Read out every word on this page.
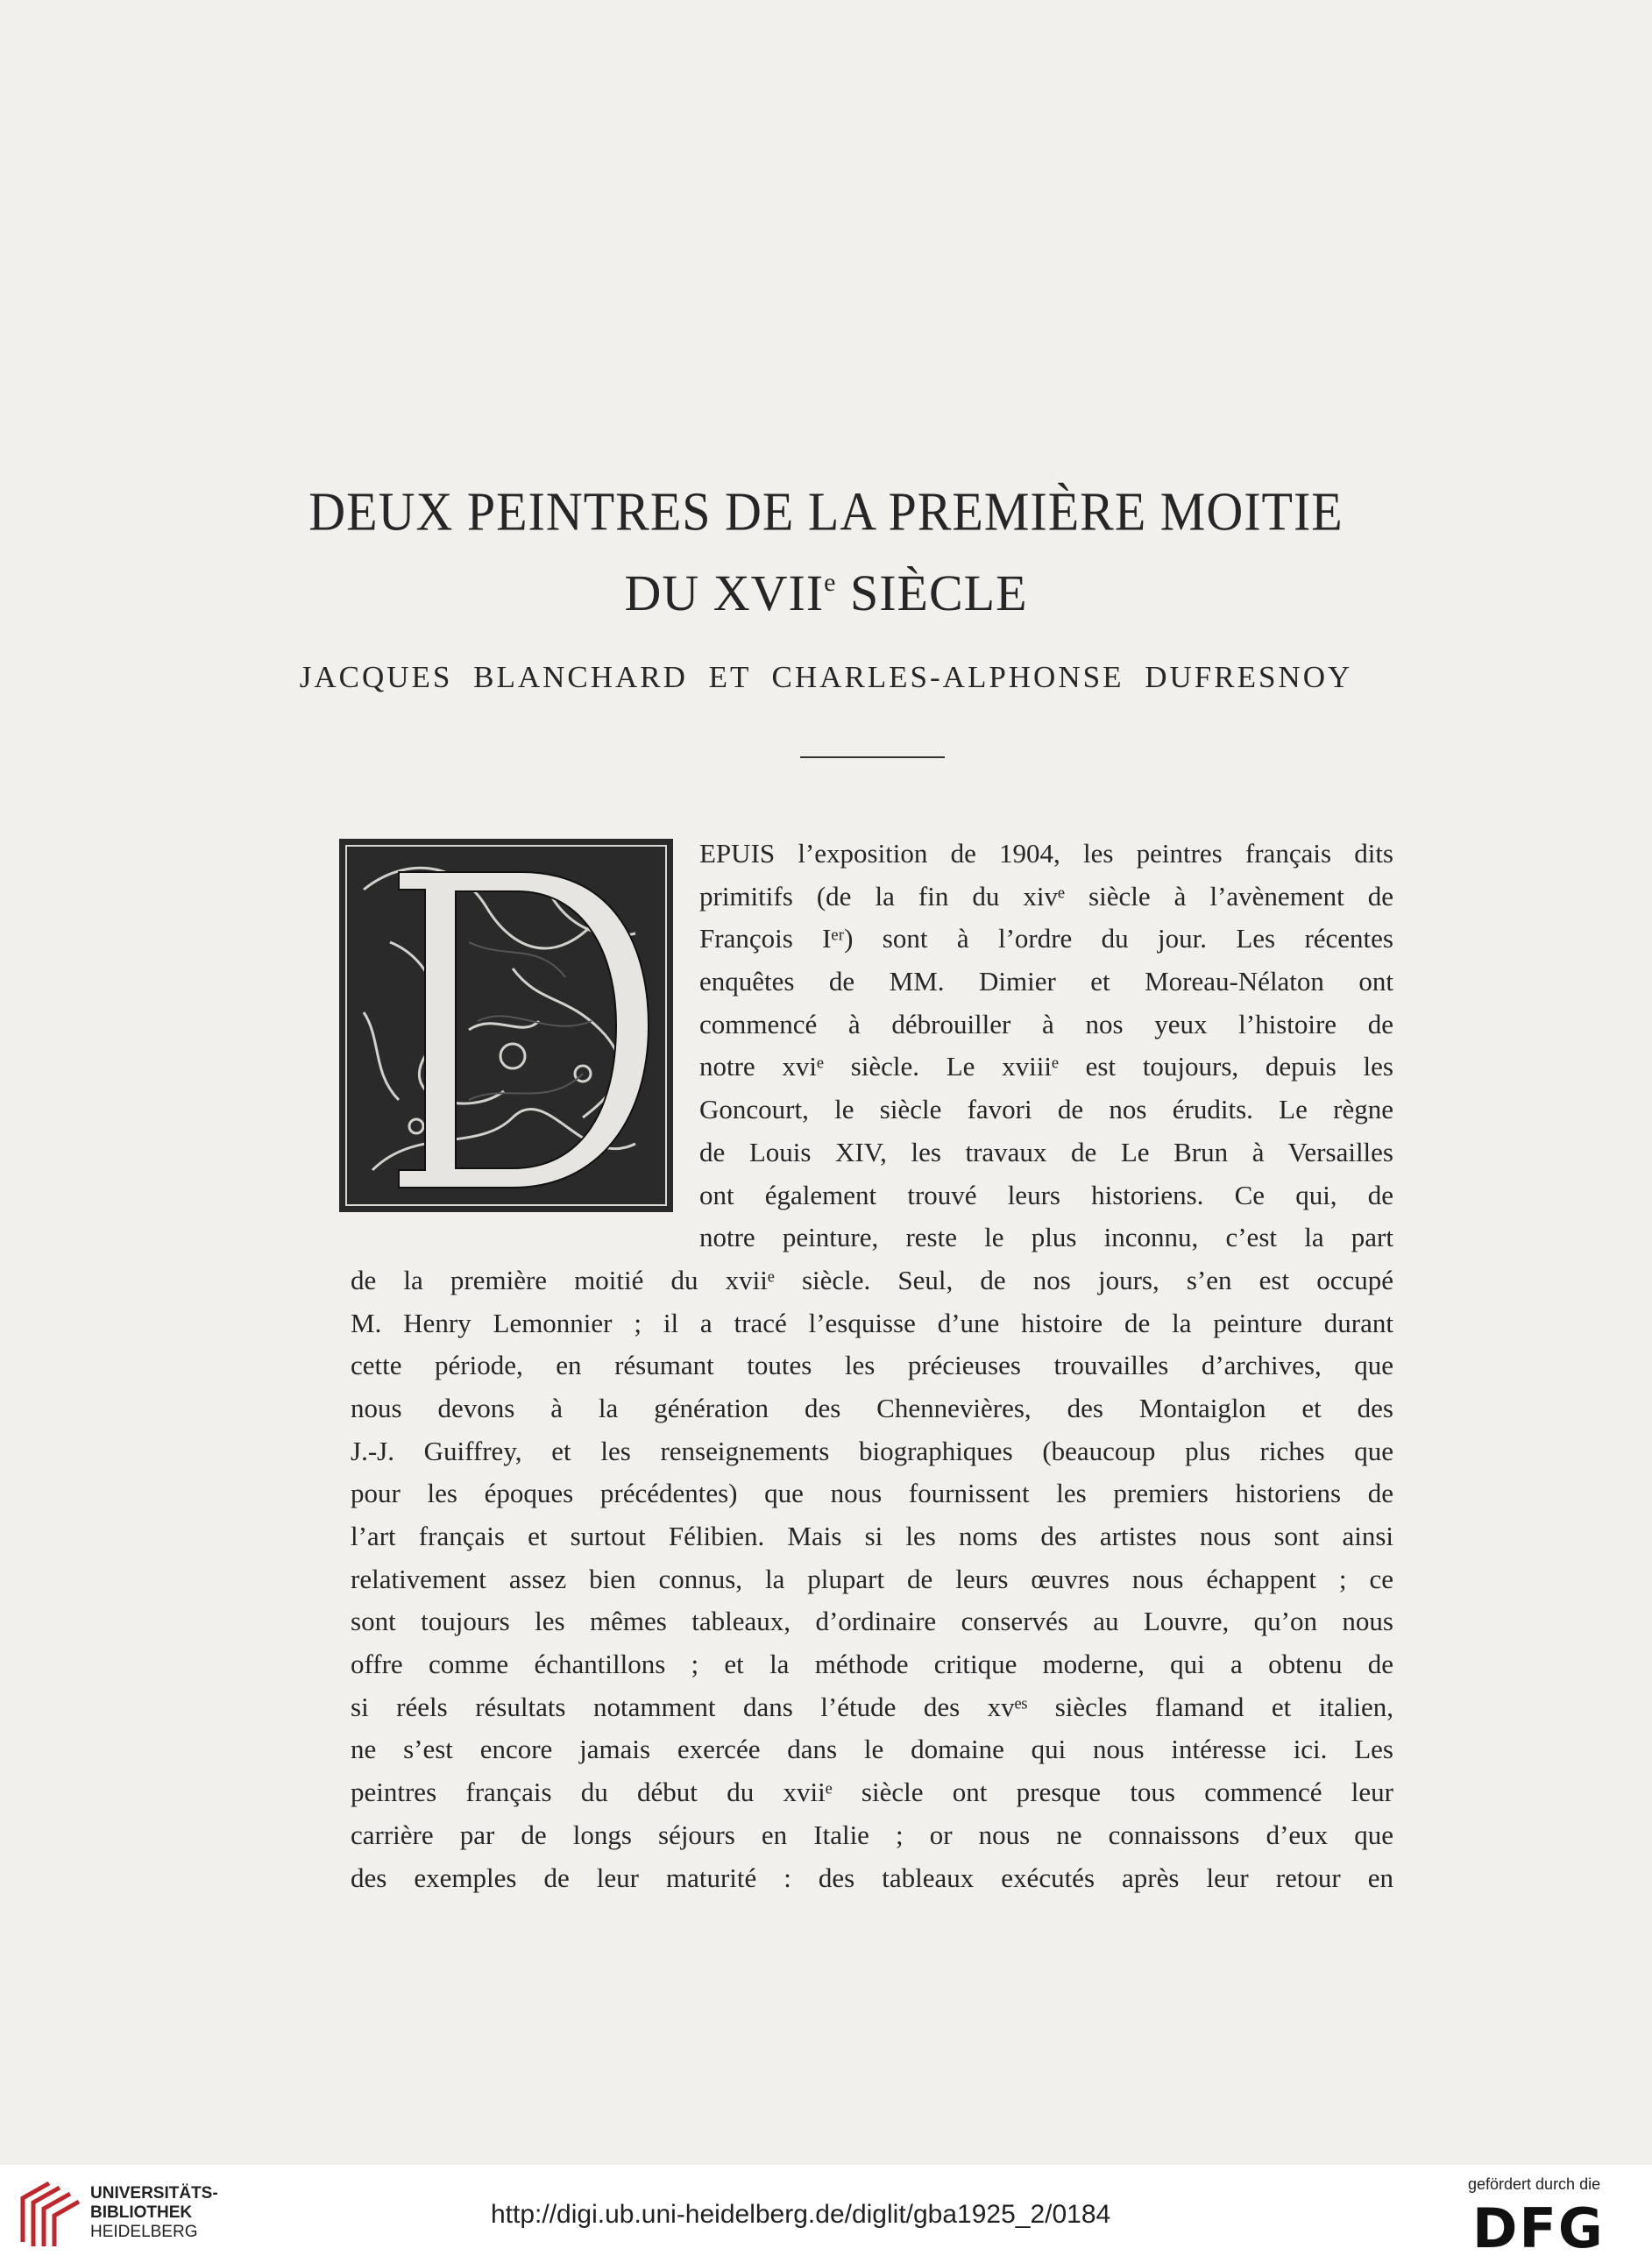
DEUX PEINTRES DE LA PREMIÈRE MOITIE
DU XVIIe SIÈCLE
JACQUES BLANCHARD ET CHARLES-ALPHONSE DUFRESNOY
EPUIS l’exposition de 1904, les peintres français dits
primitifs (de la fin du xivᵉ siècle à l’avènement de
François Iᵉʳ) sont à l’ordre du jour. Les récentes
enquêtes de MM. Dimier et Moreau-Nélaton ont
commencé à débrouiller à nos yeux l’histoire de
notre xviᵉ siècle. Le xviiiᵉ est toujours, depuis les
Goncourt, le siècle favori de nos érudits. Le règne
de Louis XIV, les travaux de Le Brun à Versailles
ont également trouvé leurs historiens. Ce qui, de
notre peinture, reste le plus inconnu, c’est la part
de la première moitié du xviiᵉ siècle. Seul, de nos jours, s’en est occupé
M. Henry Lemonnier ; il a tracé l’esquisse d’une histoire de la peinture durant
cette période, en résumant toutes les précieuses trouvailles d’archives, que
nous devons à la génération des Chennevières, des Montaiglon et des
J.-J. Guiffrey, et les renseignements biographiques (beaucoup plus riches que
pour les époques précédentes) que nous fournissent les premiers historiens de
l’art français et surtout Félibien. Mais si les noms des artistes nous sont ainsi
relativement assez bien connus, la plupart de leurs œuvres nous échappent ; ce
sont toujours les mêmes tableaux, d’ordinaire conservés au Louvre, qu’on nous
offre comme échantillons ; et la méthode critique moderne, qui a obtenu de
si réels résultats notamment dans l’étude des xvᵉˢ siècles flamand et italien,
ne s’est encore jamais exercée dans le domaine qui nous intéresse ici. Les
peintres français du début du xviiᵉ siècle ont presque tous commencé leur
carrière par de longs séjours en Italie ; or nous ne connaissons d’eux que
des exemples de leur maturité : des tableaux exécutés après leur retour en
UNIVERSITÄTS-
BIBLIOTHEK
HEIDELBERG
http://digi.ub.uni-heidelberg.de/diglit/gba1925_2/0184
gefördert durch die
DFG
